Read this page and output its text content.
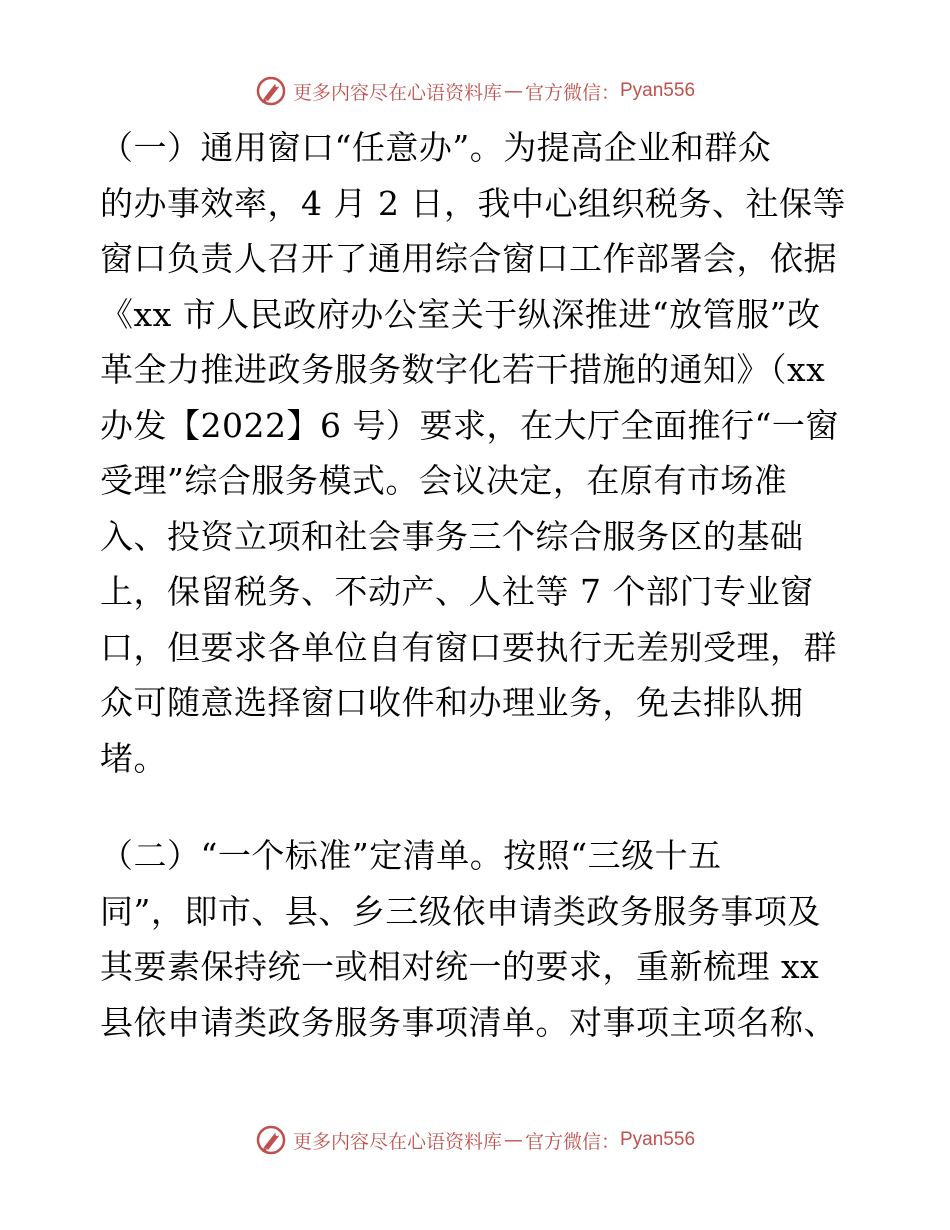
更多内容尽在心语资料库 — 官方微信： Pyan556
（一）通用窗口“任意办”。为提高企业和群众
的办事效率，4 月 2 日，我中心组织税务、社保等
窗口负责人召开了通用综合窗口工作部署会，依据
《xx 市人民政府办公室关于纵深推进“放管服”改
革全力推进政务服务数字化若干措施的通知》（xx
办发【2022】6 号）要求，在大厅全面推行“一窗
受理”综合服务模式。会议决定，在原有市场准
入、投资立项和社会事务三个综合服务区的基础
上，保留税务、不动产、人社等 7 个部门专业窗
口，但要求各单位自有窗口要执行无差别受理，群
众可随意选择窗口收件和办理业务，免去排队拥
堵。
（二）“一个标准”定清单。按照“三级十五
同”，即市、县、乡三级依申请类政务服务事项及
其要素保持统一或相对统一的要求，重新梳理 xx
县依申请类政务服务事项清单。对事项主项名称、
更多内容尽在心语资料库 — 官方微信： Pyan556
